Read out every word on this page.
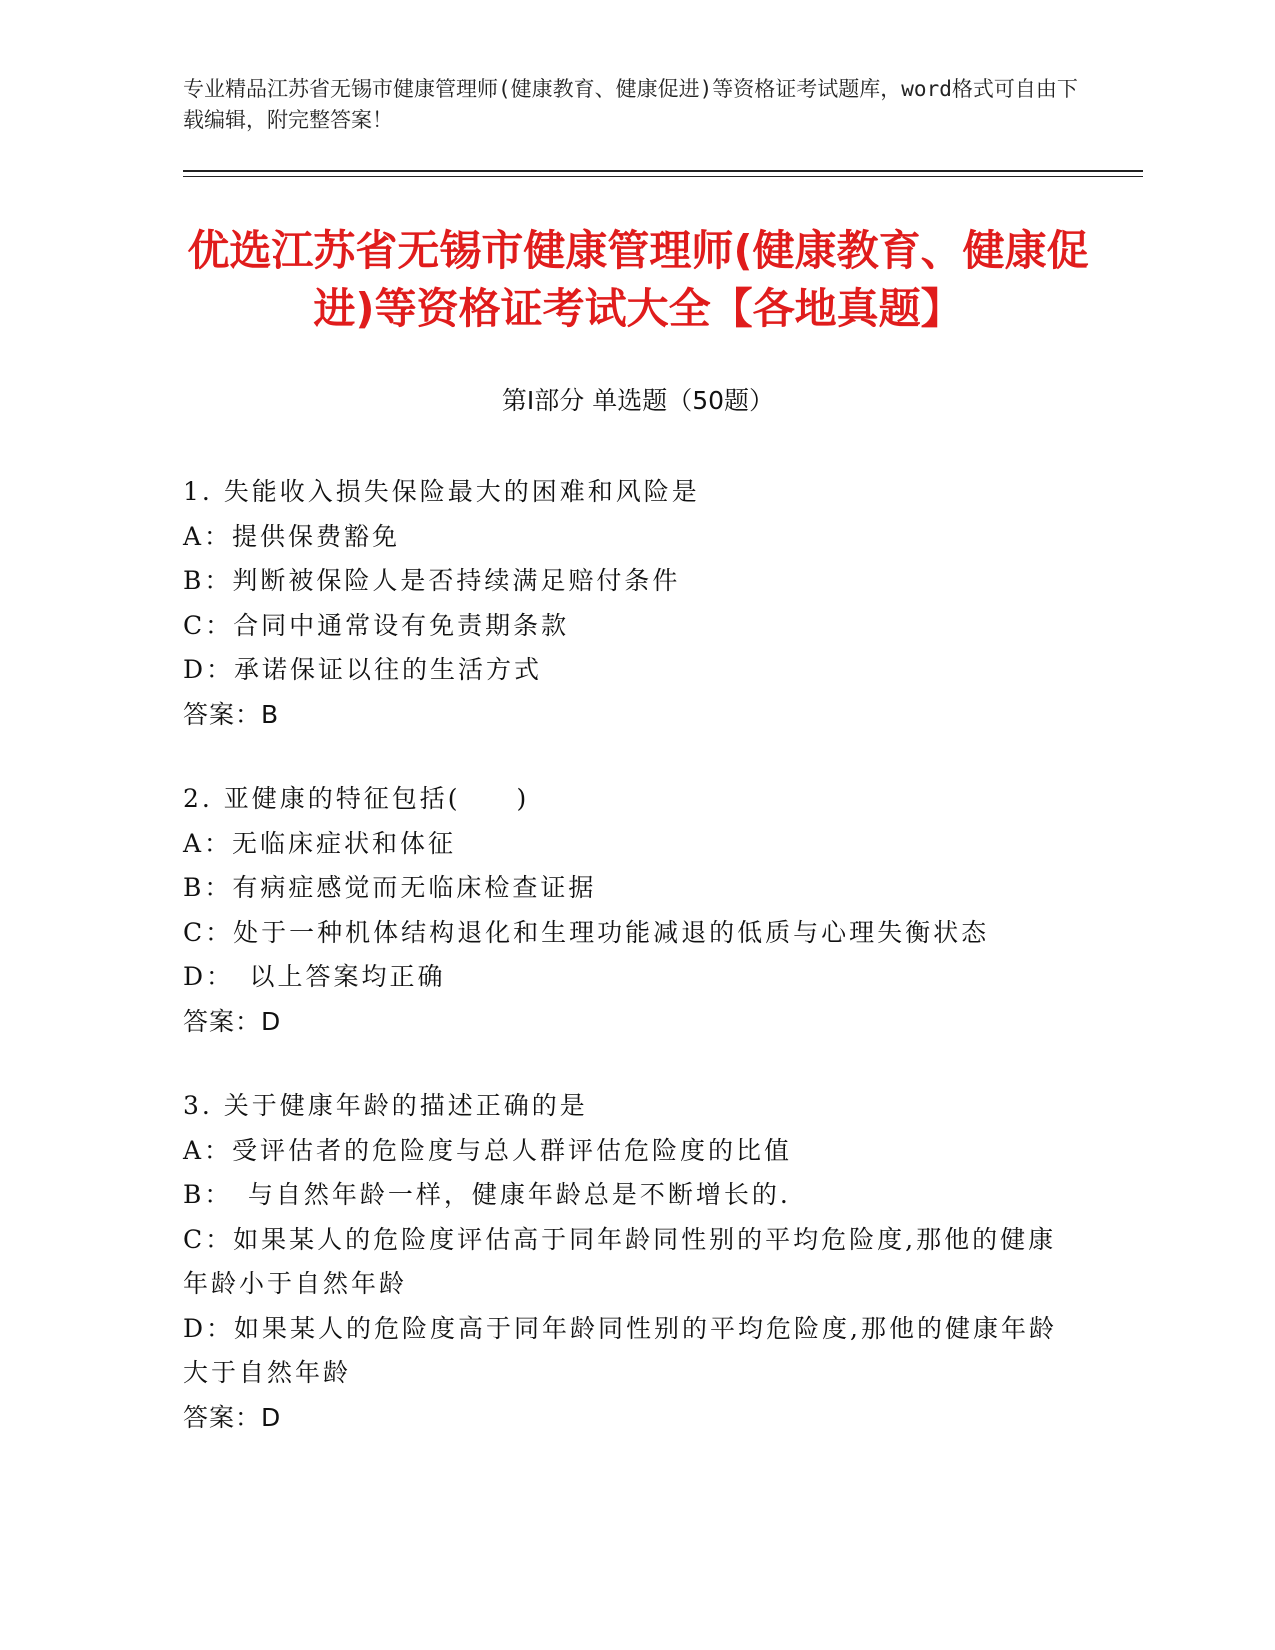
专业精品江苏省无锡市健康管理师(健康教育、健康促进)等资格证考试题库，word格式可自由下载编辑，附完整答案！
优选江苏省无锡市健康管理师(健康教育、健康促进)等资格证考试大全【各地真题】
第Ⅰ部分 单选题（50题）
1. 失能收入损失保险最大的困难和风险是
A：提供保费豁免
B：判断被保险人是否持续满足赔付条件
C：合同中通常设有免责期条款
D：承诺保证以往的生活方式
答案：B
2. 亚健康的特征包括(　　)
A：无临床症状和体征
B：有病症感觉而无临床检查证据
C：处于一种机体结构退化和生理功能减退的低质与心理失衡状态
D：　以上答案均正确
答案：D
3. 关于健康年龄的描述正确的是
A：受评估者的危险度与总人群评估危险度的比值
B：　与自然年龄一样，健康年龄总是不断增长的.
C：如果某人的危险度评估高于同年龄同性别的平均危险度,那他的健康年龄小于自然年龄
D：如果某人的危险度高于同年龄同性别的平均危险度,那他的健康年龄大于自然年龄
答案：D
